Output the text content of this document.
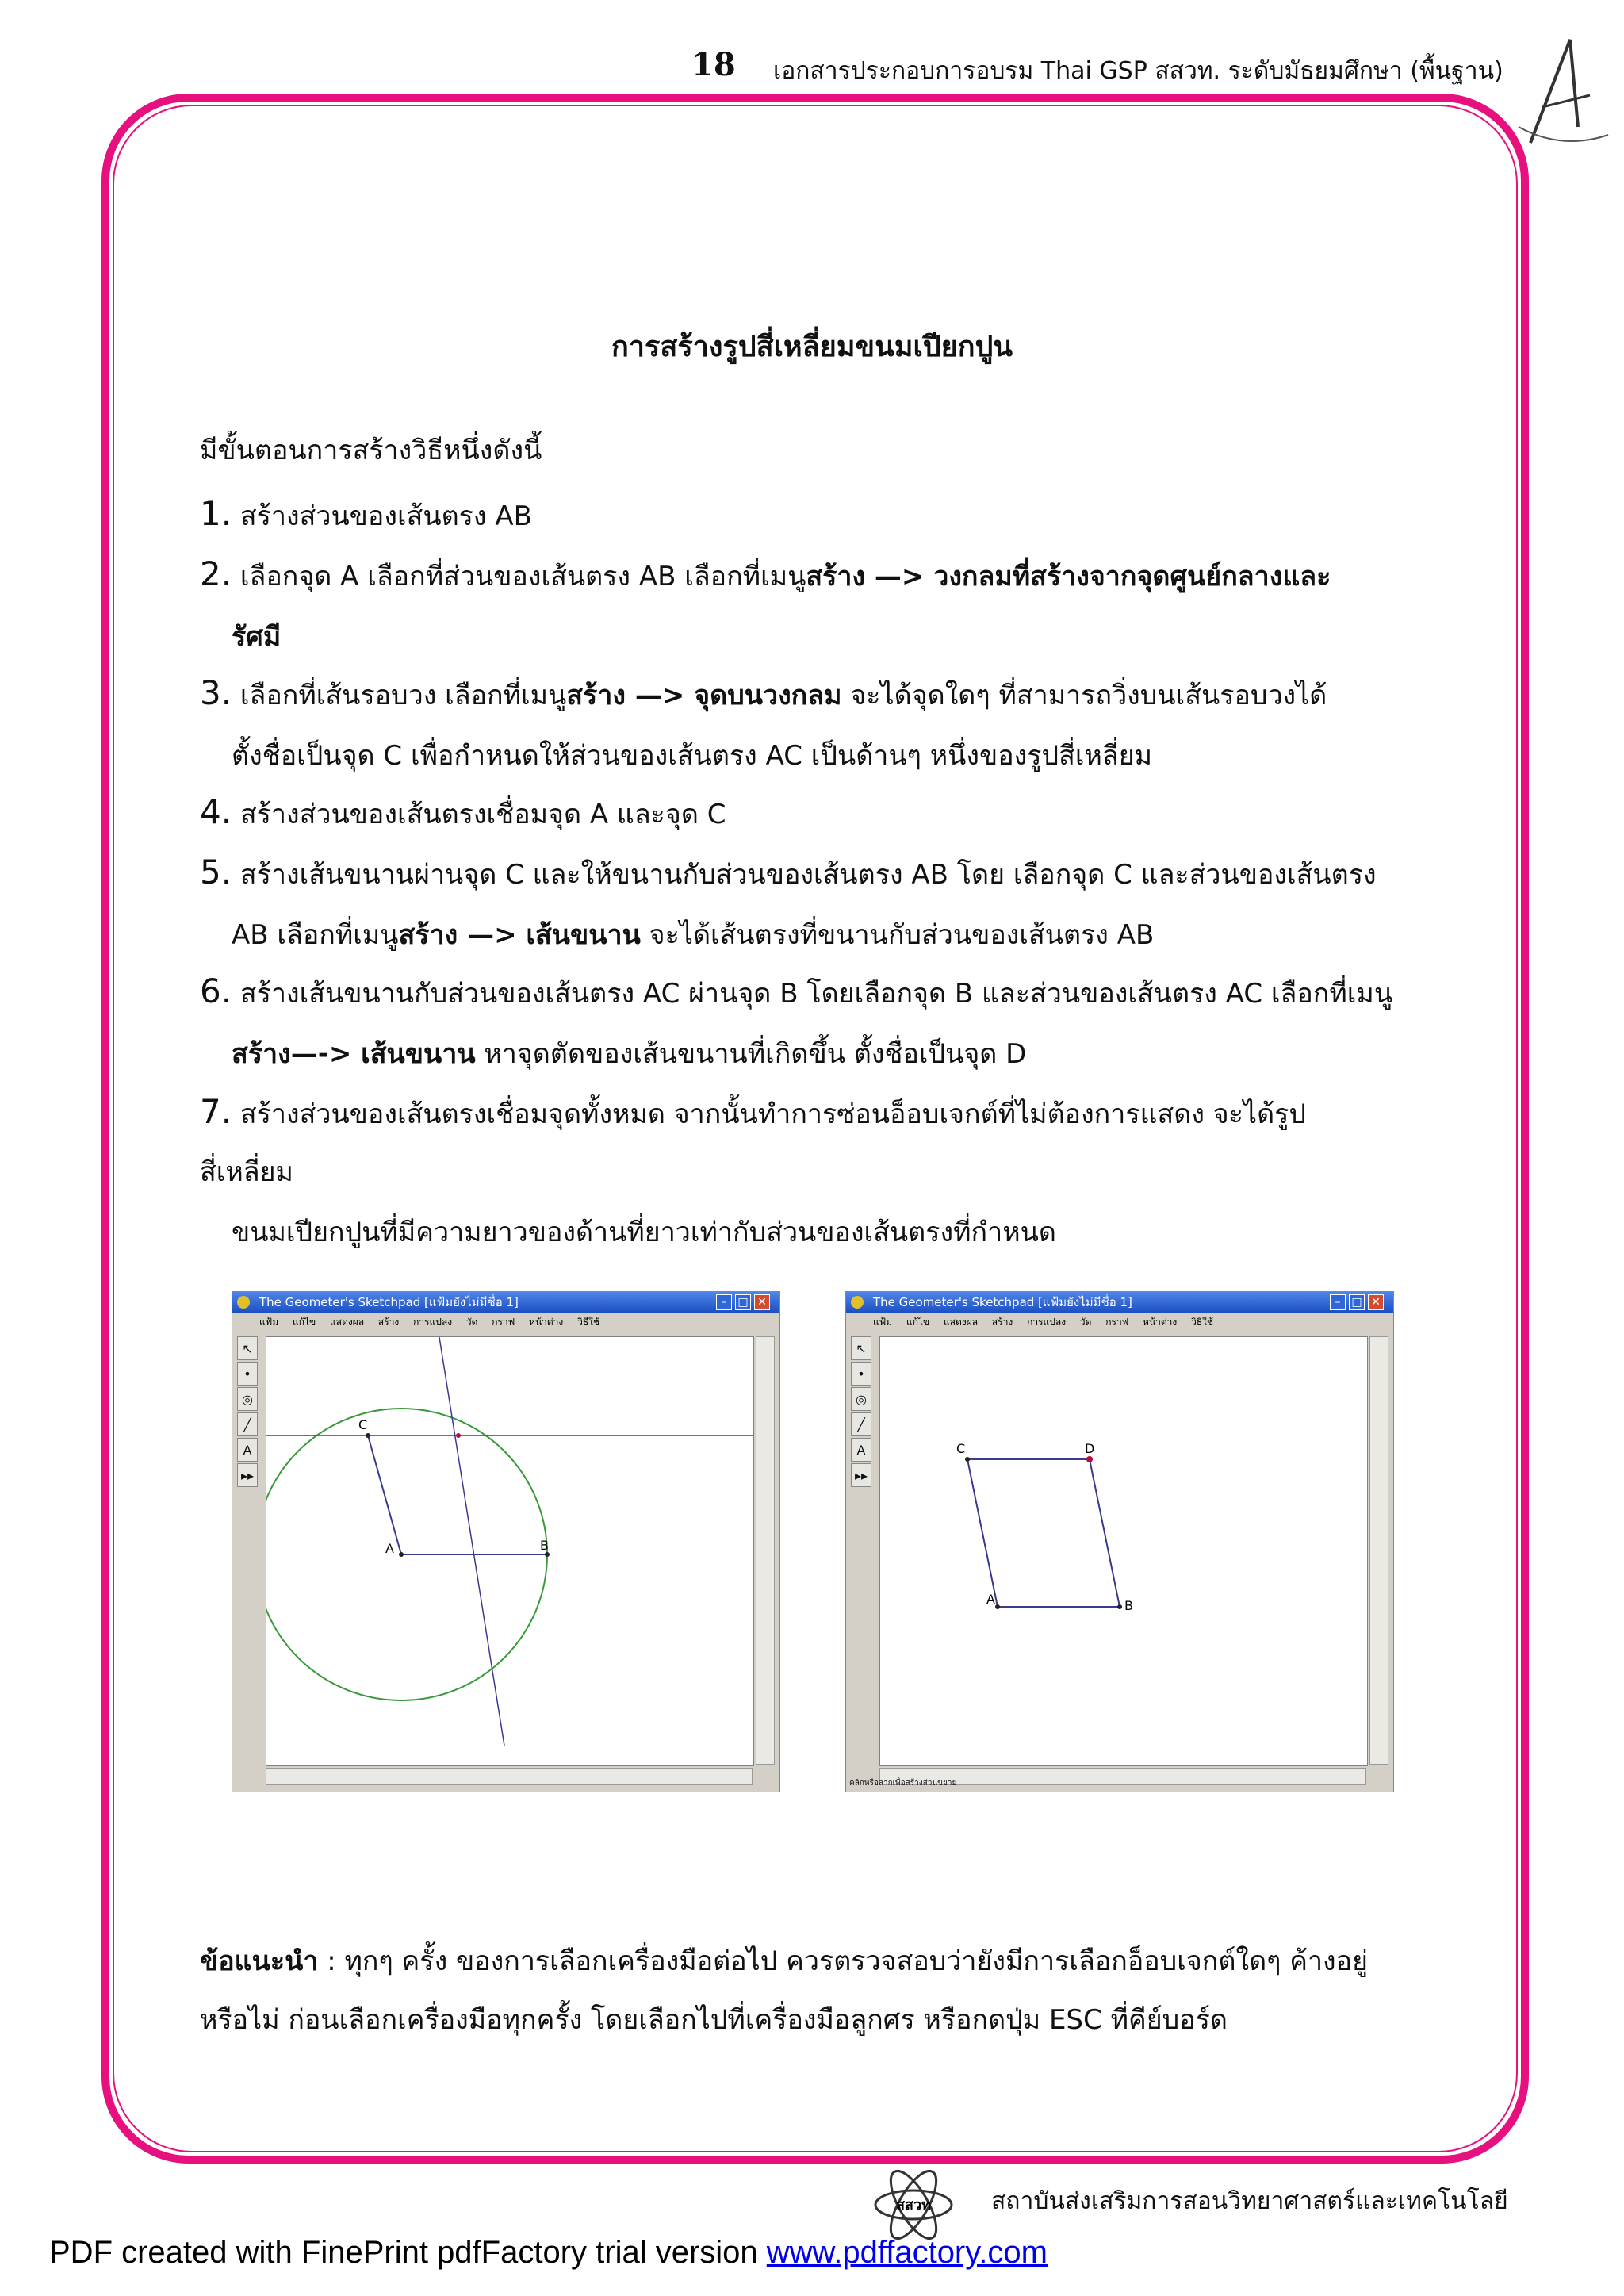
18 เอกสารประกอบการอบรม Thai GSP สสวท. ระดับมัธยมศึกษา (พื้นฐาน)
การสร้างรูปสี่เหลี่ยมขนมเปียกปูน
มีขั้นตอนการสร้างวิธีหนึ่งดังนี้
1. สร้างส่วนของเส้นตรง AB
2. เลือกจุด A เลือกที่ส่วนของเส้นตรง AB เลือกที่เมนูสร้าง —> วงกลมที่สร้างจากจุดศูนย์กลางและ
รัศมี
3. เลือกที่เส้นรอบวง เลือกที่เมนูสร้าง —> จุดบนวงกลม จะได้จุดใดๆ ที่สามารถวิ่งบนเส้นรอบวงได้
ตั้งชื่อเป็นจุด C เพื่อกำหนดให้ส่วนของเส้นตรง AC เป็นด้านๆ หนึ่งของรูปสี่เหลี่ยม
4. สร้างส่วนของเส้นตรงเชื่อมจุด A และจุด C
5. สร้างเส้นขนานผ่านจุด C และให้ขนานกับส่วนของเส้นตรง AB โดย เลือกจุด C และส่วนของเส้นตรง
AB เลือกที่เมนูสร้าง —> เส้นขนาน จะได้เส้นตรงที่ขนานกับส่วนของเส้นตรง AB
6. สร้างเส้นขนานกับส่วนของเส้นตรง AC ผ่านจุด B โดยเลือกจุด B และส่วนของเส้นตรง AC เลือกที่เมนู
สร้าง—-> เส้นขนาน หาจุดตัดของเส้นขนานที่เกิดขึ้น ตั้งชื่อเป็นจุด D
7. สร้างส่วนของเส้นตรงเชื่อมจุดทั้งหมด จากนั้นทำการซ่อนอ็อบเจกต์ที่ไม่ต้องการแสดง จะได้รูป
สี่เหลี่ยม
ขนมเปียกปูนที่มีความยาวของด้านที่ยาวเท่ากับส่วนของเส้นตรงที่กำหนด
The Geometer's Sketchpad [แฟ้มยังไม่มีชื่อ 1]	– □ ✕
แฟ้ม แก้ไข แสดงผล สร้าง การแปลง วัด กราฟ หน้าต่าง วิธีใช้
↖
•
◎
╱
A
▸▸
C
A	B
The Geometer's Sketchpad [แฟ้มยังไม่มีชื่อ 1]	– □ ✕
แฟ้ม แก้ไข แสดงผล สร้าง การแปลง วัด กราฟ หน้าต่าง วิธีใช้
↖
•
◎
╱
A
▸▸
C	D
A	B
คลิกหรือลากเพื่อสร้างส่วนขยาย
ข้อแนะนำ : ทุกๆ ครั้ง ของการเลือกเครื่องมือต่อไป ควรตรวจสอบว่ายังมีการเลือกอ็อบเจกต์ใดๆ ค้างอยู่
หรือไม่ ก่อนเลือกเครื่องมือทุกครั้ง โดยเลือกไปที่เครื่องมือลูกศร หรือกดปุ่ม ESC ที่คีย์บอร์ด
สสวท	สถาบันส่งเสริมการสอนวิทยาศาสตร์และเทคโนโลยี
PDF created with FinePrint pdfFactory trial version www.pdffactory.com
